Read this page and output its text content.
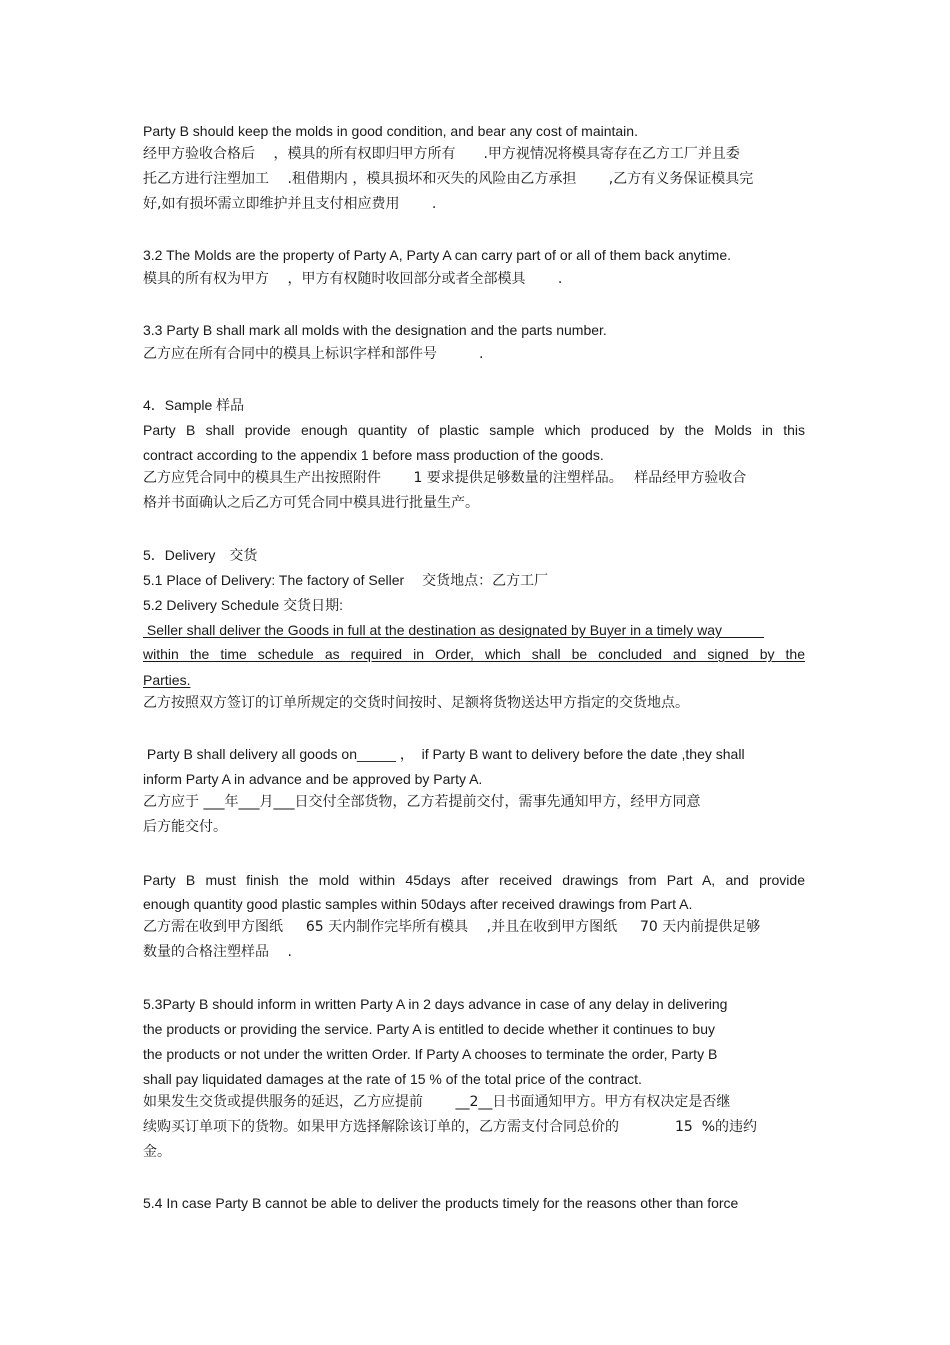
Party B should keep the molds in good condition, and bear any cost of maintain.
经甲方验收合格后　 ，模具的所有权即归甲方所有　　.甲方视情况将模具寄存在乙方工厂并且委
托乙方进行注塑加工　 .租借期内 ，模具损坏和灭失的风险由乙方承担　　 ,乙方有义务保证模具完
好,如有损坏需立即维护并且支付相应费用　　 .
3.2 The Molds are the property of Party A, Party A can carry part of or all of them back anytime.
模具的所有权为甲方　 ，甲方有权随时收回部分或者全部模具　　 .
3.3 Party B shall mark all molds with the designation and the parts number.
乙方应在所有合同中的模具上标识字样和部件号　　　.
4．Sample 样品
Party B shall provide enough quantity of plastic sample which produced by the Molds in this
contract according to the appendix 1 before mass production of the goods.
乙方应凭合同中的模具生产出按照附件　　 1 要求提供足够数量的注塑样品。　 样品经甲方验收合
格并书面确认之后乙方可凭合同中模具进行批量生产。
5．Delivery　交货
5.1 Place of Delivery: The factory of Seller　 交货地点：乙方工厂
5.2 Delivery Schedule 交货日期:
Seller shall deliver the Goods in full at the destination as designated by Buyer in a timely way　　　
within the time schedule as required in Order, which shall be concluded and signed by the
Parties.
乙方按照双方签订的订单所规定的交货时间按时、足额将货物送达甲方指定的交货地点。
Party B shall delivery all goods on_____ ，  if Party B want to delivery before the date ,they shall
inform Party A in advance and be approved by Party A.
乙方应于 ___年___月___日交付全部货物，乙方若提前交付，需事先通知甲方，经甲方同意
后方能交付。
Party B must finish the mold within 45days after received drawings from Part A, and provide
enough quantity good plastic samples within 50days after received drawings from Part A.
乙方需在收到甲方图纸　  65 天内制作完毕所有模具　 ,并且在收到甲方图纸　  70 天内前提供足够
数量的合格注塑样品　 .
5.3Party B should inform in written Party A in 2 days advance in case of any delay in delivering
the products or providing the service. Party A is entitled to decide whether it continues to buy
the products or not under the written Order. If Party A chooses to terminate the order, Party B
shall pay liquidated damages at the rate of 15 % of the total price of the contract.
如果发生交货或提供服务的延迟，乙方应提前　　 __2__日书面通知甲方。甲方有权决定是否继
续购买订单项下的货物。如果甲方选择解除该订单的，乙方需支付合同总价的　　　　15  %的违约
金。
5.4 In case Party B cannot be able to deliver the products timely for the reasons other than force
